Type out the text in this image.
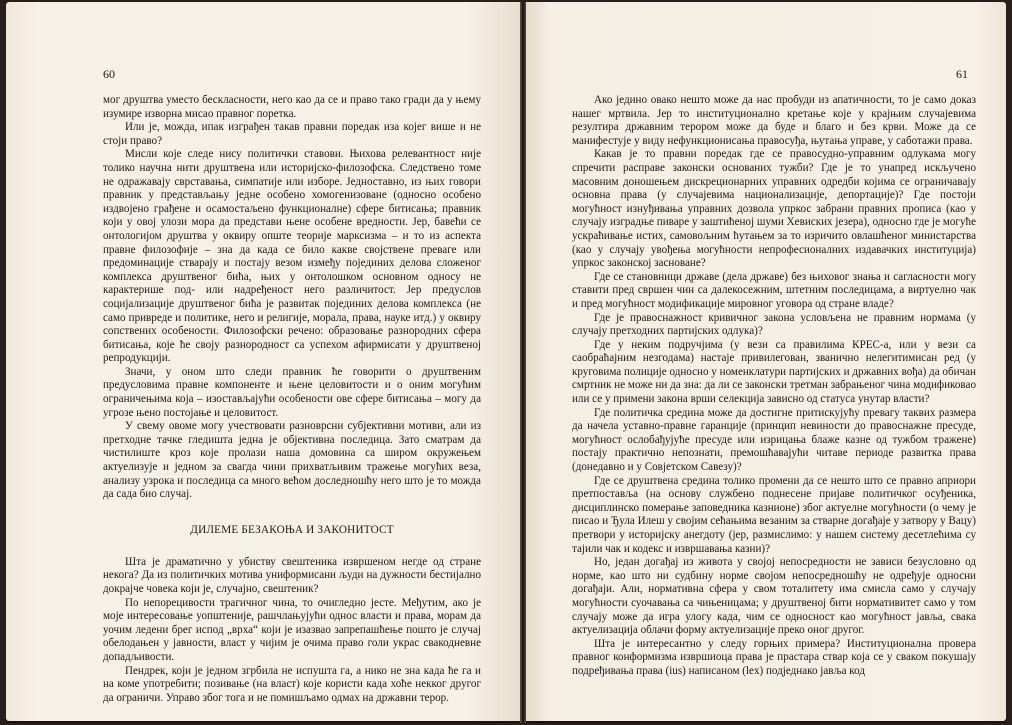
60

мог друштва уместо бескласности, него као да се и право тако гради да у њему изумире изворна мисао правног поретка.

Или је, можда, ипак изграђен такав правни поредак иза којег више и не стоји право?

Мисли које следе нису политички ставови. Њихова релевантност није толико научна нити друштвена или историјско-филозофска. Следствено томе не одражавају сврставања, симпатије или изборе. Једноставно, из њих говори правник у представљању једне особено хомогенизоване (односно особено издвојено грађене и осамостаљено функционалне) сфере битисања; правник који у овој улози мора да представи њене особене вредности. Јер, бавећи се онтологијом друштва у оквиру опште теорије марксизма – и то из аспекта правне филозофије – зна да када се било какве својствене преваге или предоминације стварају и постају везом између појединих делова сложеног комплекса друштвеног бића, њих у онтолошком основном односу не карактерише под- или надређеност него различитост. Јер предуслов социјализације друштвеног бића је развитак појединих делова комплекса (не само привреде и политике, него и религије, морала, права, науке итд.) у оквиру сопствених особености. Филозофски речено: образовање разнородних сфера битисања, које ће своју разнородност са успехом афирмисати у друштвеној репродукцији.

Значи, у оном што следи правник ће говорити о друштвеним предусловима правне компоненте и њене целовитости и о оним могућим ограничењима која – изостављајући особености ове сфере битисања – могу да угрозе њено постојање и целовитост.

У свему овоме могу учествовати разноврсни субјективни мотиви, али из претходне тачке гледишта једна је објективна последица. Зато сматрам да чистилиште кроз које пролази наша домовина са широм окружењем актуелизује и једном за свагда чини прихватљивим тражење могућих веза, анализу узрока и последица са много већом доследношћу него што је то можда да сада био случај.

ДИЛЕМЕ БЕЗАКОЊА И ЗАКОНИТОСТ

Шта је драматично у убиству свештеника извршеном негде од стране некога? Да из политичких мотива униформисани људи на дужности бестијално докрајче човека који је, случајно, свештеник?

По непорецивости трагичног чина, то очигледно јесте. Међутим, ако је моје интересовање уопштеније, рашчлањујући однос власти и права, морам да уочим ледени брег испод „врха“ који је изазвао запрепашћење пошто је случај обелодањен у јавности, власт у чијим је очима право голи украс свакодневне допадљивости.

Пендрек, који је једном згрбила не испушта га, а нико не зна када ће га и на коме употребити; позивање (на власт) које користи када хоће некког другог да ограничи. Управо због тога и не помишљамо одмах на државни терор.

61

Ако једино овако нешто може да нас пробуди из апатичности, то је само доказ нашег мртвила. Јер то институционално кретање које у крајњим случајевима резултира државним терором може да буде и благо и без крви. Може да се манифестује у виду нефункционисања правосуђа, њутања управе, у саботажи права.

Какав је то правни поредак где се правосудно-управним одлукама могу спречити расправе законски основаних тужби? Где је то унапред искључено масовним доношењем дискреционарних управних одредби којима се ограничавају основна права (у случајевима национализације, депортације)? Где постоји могућност изнуђивања управних дозвола упркос забрани правних прописа (као у случају изградње пиваре у заштићеној шуми Хевиских језера), односно где је могуће ускраћивање истих, самовољним ћутањем за то изричито овлашћеног министарства (као у случају увођења могућности непрофесионалних издавачких институција) упркос законској засноване?

Где се становници државе (дела државе) без њиховог знања и сагласности могу ставити пред свршен чин са далекосежним, штетним последицама, а виртуелно чак и пред могућност модификације мировног уговора од стране владе?

Где је правоснажност кривичног закона условљена не правним нормама (у случају претходних партијских одлука)?

Где у неким подручјима (у вези са правилима КРЕС-а, или у вези са саобраћајним незгодама) настаје привилегован, званично нелегитимисан ред (у круговима полиције односно у номенклатури партијских и државних вођа) да обичан смртник не може ни да зна: да ли се законски третман забрањеног чина модификовао или се у примени закона врши селекција зависно од статуса унутар власти?

Где политичка средина може да достигне притискујућу превагу таквих размера да начела уставно-правне гаранције (принцип невиности до правоснажне пресуде, могућност ослобађујуће пресуде или изрицања блаже казне од тужбом тражене) постају практично непознати, премошћавајући читаве периоде развитка права (донедавно и у Совјетском Савезу)?

Где се друштвена средина толико промени да се нешто што се правно априори претпоставља (на основу службено поднесене пријаве политичког осуђеника, дисциплинско померање заповедника казнионе) због актуелне могућности (о чему је писао и Ђула Илеш у својим сећањима везаним за стварне догађаје у затвору у Вацу) претвори у историјску анегдоту (јер, размислимо: у нашем систему десетлећима су тајили чак и кодекс и извршавања казни)?

Но, један догађај из живота у својој непосредности не зависи безусловно од норме, као што ни судбину норме својом непосредношћу не одређује односни догађаји. Али, нормативна сфера у свом тоталитету има смисла само у случају могућности суочавања са чињеницама; у друштвеној бити нормативитет само у том случају може да игра улогу када, чим се односност као могућност јавља, свака актуелизација облачи форму актуелизације преко оног другог.

Шта је интересантно у следу горњих примера? Институционална провера правног конформизма извршиоца права је прастара ствар која се у сваком покушају подређивања права (ius) написаном (lex) подједнако јавља код
